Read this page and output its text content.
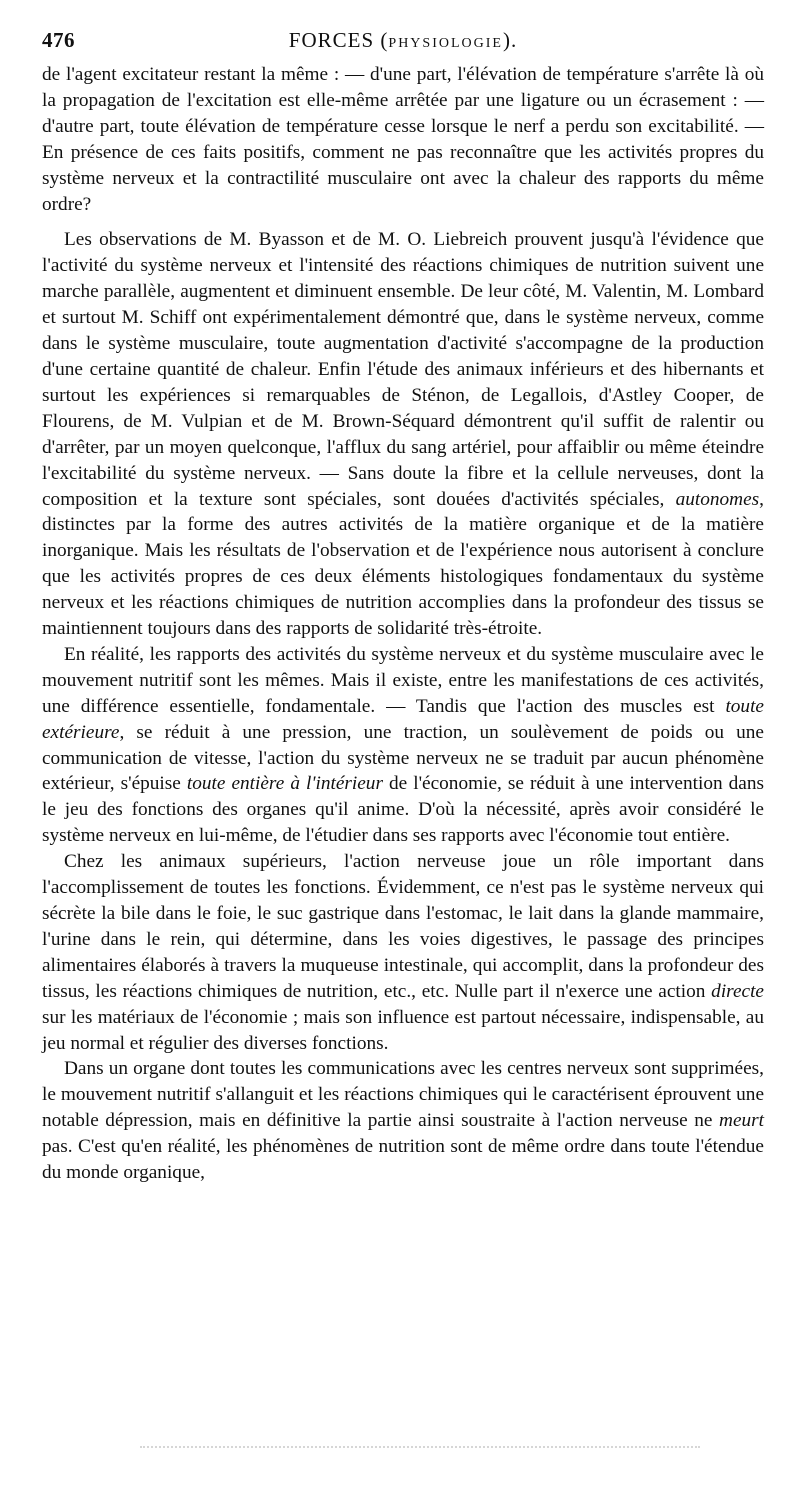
476	FORCES (PHYSIOLOGIE).

de l'agent excitateur restant la même : — d'une part, l'élévation de température s'arrête là où la propagation de l'excitation est elle-même arrêtée par une ligature ou un écrasement : — d'autre part, toute élévation de température cesse lorsque le nerf a perdu son excitabilité. — En présence de ces faits positifs, comment ne pas reconnaître que les activités propres du système nerveux et la contractilité musculaire ont avec la chaleur des rapports du même ordre?

Les observations de M. Byasson et de M. O. Liebreich prouvent jusqu'à l'évidence que l'activité du système nerveux et l'intensité des réactions chimiques de nutrition suivent une marche parallèle, augmentent et diminuent ensemble. De leur côté, M. Valentin, M. Lombard et surtout M. Schiff ont expérimentalement démontré que, dans le système nerveux, comme dans le système musculaire, toute augmentation d'activité s'accompagne de la production d'une certaine quantité de chaleur. Enfin l'étude des animaux inférieurs et des hibernants et surtout les expériences si remarquables de Sténon, de Legallois, d'Astley Cooper, de Flourens, de M. Vulpian et de M. Brown-Séquard démontrent qu'il suffit de ralentir ou d'arrêter, par un moyen quelconque, l'afflux du sang artériel, pour affaiblir ou même éteindre l'excitabilité du système nerveux. — Sans doute la fibre et la cellule nerveuses, dont la composition et la texture sont spéciales, sont douées d'activités spéciales, autonomes, distinctes par la forme des autres activités de la matière organique et de la matière inorganique. Mais les résultats de l'observation et de l'expérience nous autorisent à conclure que les activités propres de ces deux éléments histologiques fondamentaux du système nerveux et les réactions chimiques de nutrition accomplies dans la profondeur des tissus se maintiennent toujours dans des rapports de solidarité très-étroite.

En réalité, les rapports des activités du système nerveux et du système musculaire avec le mouvement nutritif sont les mêmes. Mais il existe, entre les manifestations de ces activités, une différence essentielle, fondamentale. — Tandis que l'action des muscles est toute extérieure, se réduit à une pression, une traction, un soulèvement de poids ou une communication de vitesse, l'action du système nerveux ne se traduit par aucun phénomène extérieur, s'épuise toute entière à l'intérieur de l'économie, se réduit à une intervention dans le jeu des fonctions des organes qu'il anime. D'où la nécessité, après avoir considéré le système nerveux en lui-même, de l'étudier dans ses rapports avec l'économie tout entière.

Chez les animaux supérieurs, l'action nerveuse joue un rôle important dans l'accomplissement de toutes les fonctions. Évidemment, ce n'est pas le système nerveux qui sécrète la bile dans le foie, le suc gastrique dans l'estomac, le lait dans la glande mammaire, l'urine dans le rein, qui détermine, dans les voies digestives, le passage des principes alimentaires élaborés à travers la muqueuse intestinale, qui accomplit, dans la profondeur des tissus, les réactions chimiques de nutrition, etc., etc. Nulle part il n'exerce une action directe sur les matériaux de l'économie ; mais son influence est partout nécessaire, indispensable, au jeu normal et régulier des diverses fonctions.

Dans un organe dont toutes les communications avec les centres nerveux sont supprimées, le mouvement nutritif s'allanguit et les réactions chimiques qui le caractérisent éprouvent une notable dépression, mais en définitive la partie ainsi soustraite à l'action nerveuse ne meurt pas. C'est qu'en réalité, les phénomènes de nutrition sont de même ordre dans toute l'étendue du monde organique,
